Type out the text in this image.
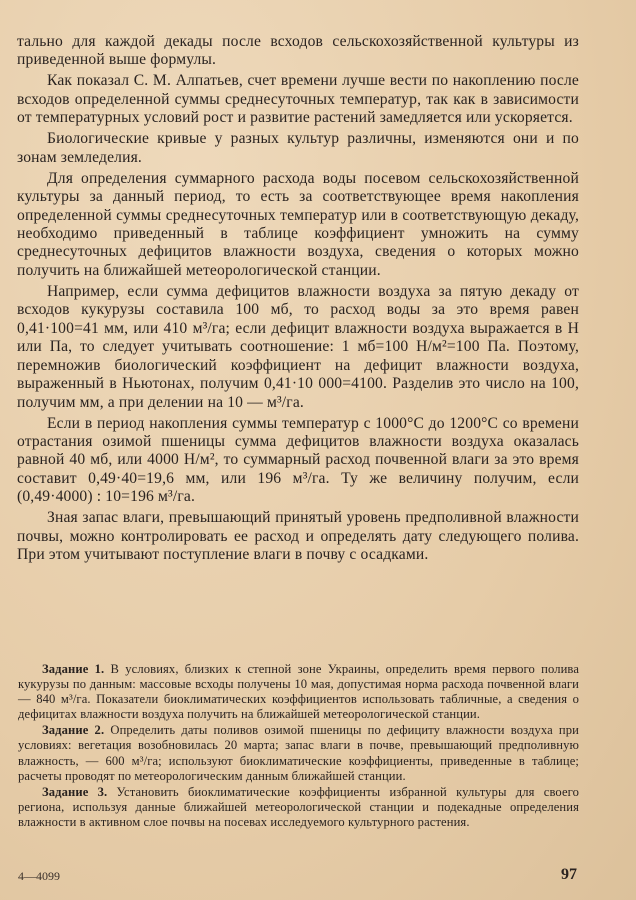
тально для каждой декады после всходов сельскохозяйственной культуры из приведенной выше формулы.

Как показал С. М. Алпатьев, счет времени лучше вести по накоплению после всходов определенной суммы среднесуточных температур, так как в зависимости от температурных условий рост и развитие растений замедляется или ускоряется.

Биологические кривые у разных культур различны, изменяются они и по зонам земледелия.

Для определения суммарного расхода воды посевом сельскохозяйственной культуры за данный период, то есть за соответствующее время накопления определенной суммы среднесуточных температур или в соответствующую декаду, необходимо приведенный в таблице коэффициент умножить на сумму среднесуточных дефицитов влажности воздуха, сведения о которых можно получить на ближайшей метеорологической станции.

Например, если сумма дефицитов влажности воздуха за пятую декаду от всходов кукурузы составила 100 мб, то расход воды за это время равен 0,41·100=41 мм, или 410 м³/га; если дефицит влажности воздуха выражается в Н или Па, то следует учитывать соотношение: 1 мб=100 Н/м²=100 Па. Поэтому, перемножив биологический коэффициент на дефицит влажности воздуха, выраженный в Ньютонах, получим 0,41·10 000=4100. Разделив это число на 100, получим мм, а при делении на 10 — м³/га.

Если в период накопления суммы температур с 1000°С до 1200°С со времени отрастания озимой пшеницы сумма дефицитов влажности воздуха оказалась равной 40 мб, или 4000 Н/м², то суммарный расход почвенной влаги за это время составит 0,49·40=19,6 мм, или 196 м³/га. Ту же величину получим, если (0,49·4000) : 10=196 м³/га.

Зная запас влаги, превышающий принятый уровень предполивной влажности почвы, можно контролировать ее расход и определять дату следующего полива. При этом учитывают поступление влаги в почву с осадками.

Задание 1. В условиях, близких к степной зоне Украины, определить время первого полива кукурузы по данным: массовые всходы получены 10 мая, допустимая норма расхода почвенной влаги — 840 м³/га. Показатели биоклиматических коэффициентов использовать табличные, а сведения о дефицитах влажности воздуха получить на ближайшей метеорологической станции.

Задание 2. Определить даты поливов озимой пшеницы по дефициту влажности воздуха при условиях: вегетация возобновилась 20 марта; запас влаги в почве, превышающий предполивную влажность, — 600 м³/га; используют биоклиматические коэффициенты, приведенные в таблице; расчеты проводят по метеорологическим данным ближайшей станции.

Задание 3. Установить биоклиматические коэффициенты избранной культуры для своего региона, используя данные ближайшей метеорологической станции и подекадные определения влажности в активном слое почвы на посевах исследуемого культурного растения.

4—4099	97
